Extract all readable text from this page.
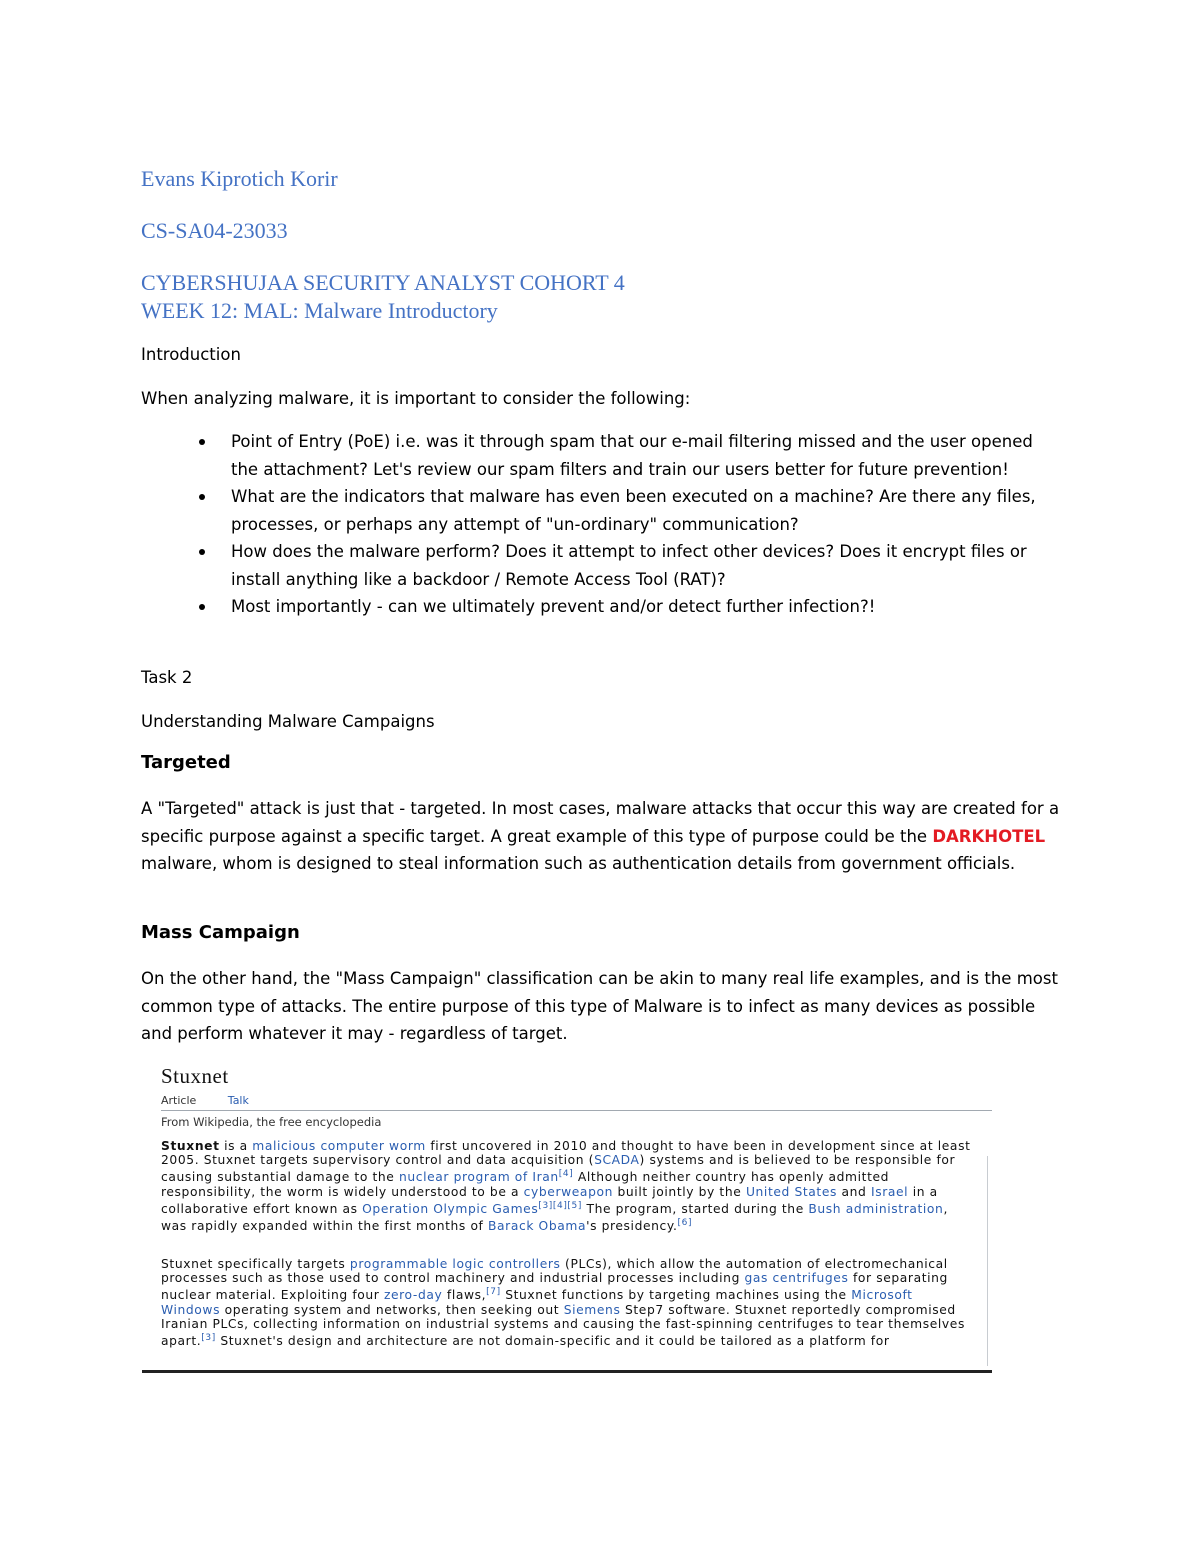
Evans Kiprotich Korir
CS-SA04-23033
CYBERSHUJAA SECURITY ANALYST COHORT 4
WEEK 12: MAL: Malware Introductory
Introduction
When analyzing malware, it is important to consider the following:
Point of Entry (PoE) i.e. was it through spam that our e-mail filtering missed and the user opened the attachment? Let's review our spam filters and train our users better for future prevention!
What are the indicators that malware has even been executed on a machine? Are there any files, processes, or perhaps any attempt of "un-ordinary" communication?
How does the malware perform? Does it attempt to infect other devices? Does it encrypt files or install anything like a backdoor / Remote Access Tool (RAT)?
Most importantly - can we ultimately prevent and/or detect further infection?!
Task 2
Understanding Malware Campaigns
Targeted
A "Targeted" attack is just that - targeted. In most cases, malware attacks that occur this way are created for a specific purpose against a specific target. A great example of this type of purpose could be the DARKHOTEL malware, whom is designed to steal information such as authentication details from government officials.
Mass Campaign
On the other hand, the "Mass Campaign" classification can be akin to many real life examples, and is the most common type of attacks. The entire purpose of this type of Malware is to infect as many devices as possible and perform whatever it may - regardless of target.
Stuxnet
Article	Talk
From Wikipedia, the free encyclopedia
Stuxnet is a malicious computer worm first uncovered in 2010 and thought to have been in development since at least 2005. Stuxnet targets supervisory control and data acquisition (SCADA) systems and is believed to be responsible for causing substantial damage to the nuclear program of Iran[4] Although neither country has openly admitted responsibility, the worm is widely understood to be a cyberweapon built jointly by the United States and Israel in a collaborative effort known as Operation Olympic Games[3][4][5] The program, started during the Bush administration, was rapidly expanded within the first months of Barack Obama's presidency.[6]
Stuxnet specifically targets programmable logic controllers (PLCs), which allow the automation of electromechanical processes such as those used to control machinery and industrial processes including gas centrifuges for separating nuclear material. Exploiting four zero-day flaws,[7] Stuxnet functions by targeting machines using the Microsoft Windows operating system and networks, then seeking out Siemens Step7 software. Stuxnet reportedly compromised Iranian PLCs, collecting information on industrial systems and causing the fast-spinning centrifuges to tear themselves apart.[3] Stuxnet's design and architecture are not domain-specific and it could be tailored as a platform for
